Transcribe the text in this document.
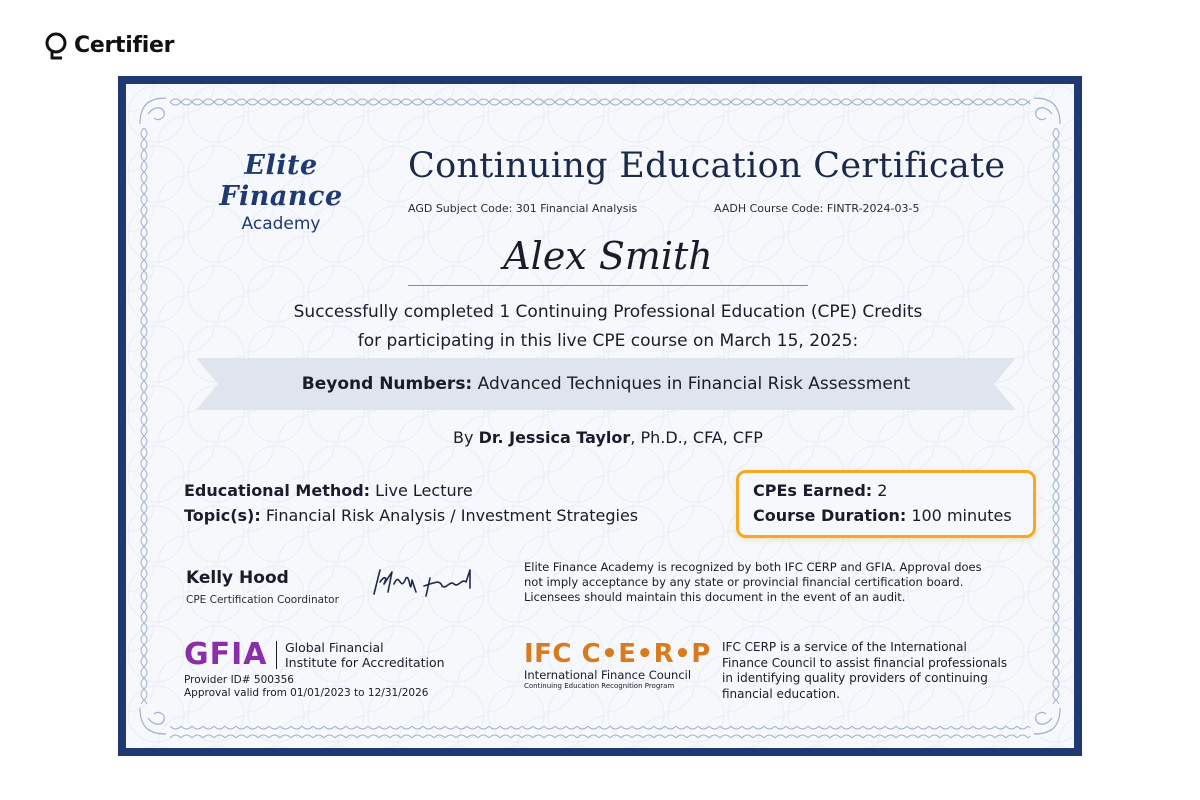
Certifier
Elite Finance
Academy
Continuing Education Certificate
AGD Subject Code: 301 Financial Analysis	AADH Course Code: FINTR-2024-03-5
Alex Smith
Successfully completed 1 Continuing Professional Education (CPE) Credits
for participating in this live CPE course on March 15, 2025:
Beyond Numbers: Advanced Techniques in Financial Risk Assessment
By Dr. Jessica Taylor, Ph.D., CFA, CFP
Educational Method: Live Lecture
Topic(s): Financial Risk Analysis / Investment Strategies
CPEs Earned: 2
Course Duration: 100 minutes
Kelly Hood
CPE Certification Coordinator
Elite Finance Academy is recognized by both IFC CERP and GFIA. Approval does not imply acceptance by any state or provincial financial certification board. Licensees should maintain this document in the event of an audit.
GFIA Global Financial
Institute for Accreditation
Provider ID# 500356
Approval valid from 01/01/2023 to 12/31/2026
IFC C•E•R•P
International Finance Council
Continuing Education Recognition Program
IFC CERP is a service of the International Finance Council to assist financial professionals in identifying quality providers of continuing financial education.
